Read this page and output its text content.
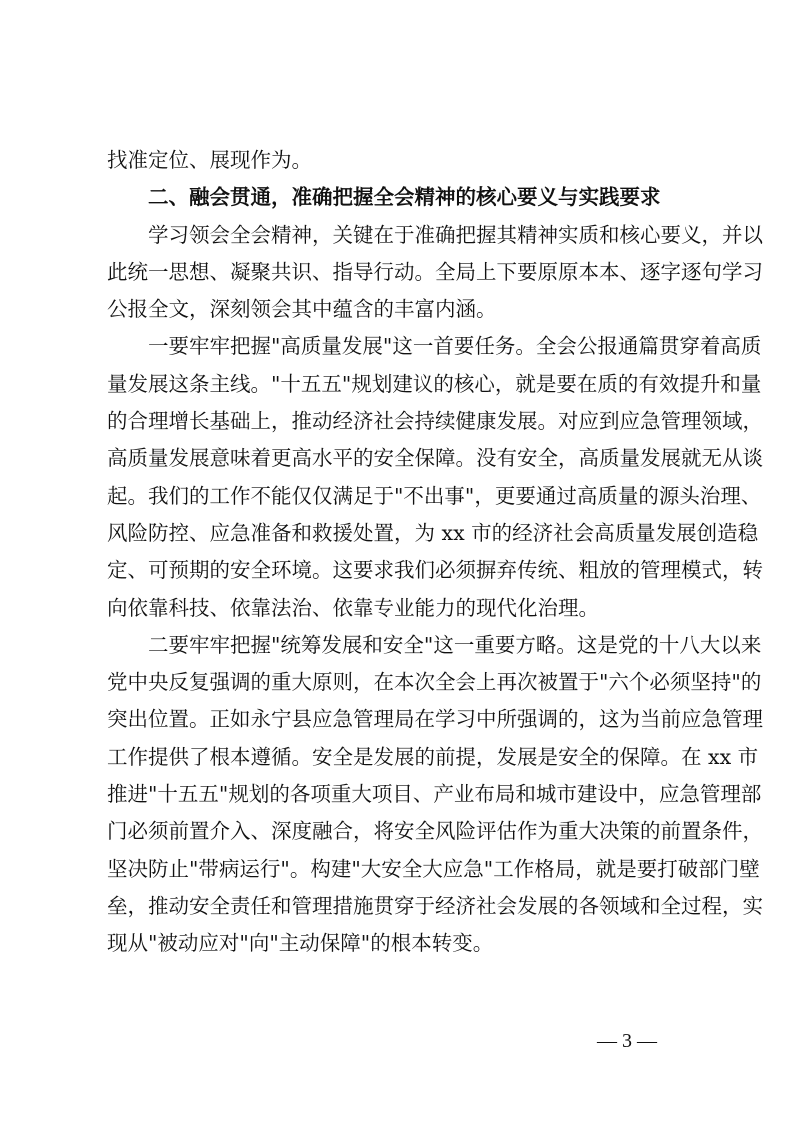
找准定位、展现作为。
二、融会贯通，准确把握全会精神的核心要义与实践要求
学习领会全会精神，关键在于准确把握其精神实质和核心要义，并以
此统一思想、凝聚共识、指导行动。全局上下要原原本本、逐字逐句学习
公报全文，深刻领会其中蕴含的丰富内涵。
一要牢牢把握"高质量发展"这一首要任务。全会公报通篇贯穿着高质
量发展这条主线。"十五五"规划建议的核心，就是要在质的有效提升和量
的合理增长基础上，推动经济社会持续健康发展。对应到应急管理领域，
高质量发展意味着更高水平的安全保障。没有安全，高质量发展就无从谈
起。我们的工作不能仅仅满足于"不出事"，更要通过高质量的源头治理、
风险防控、应急准备和救援处置，为 xx 市的经济社会高质量发展创造稳
定、可预期的安全环境。这要求我们必须摒弃传统、粗放的管理模式，转
向依靠科技、依靠法治、依靠专业能力的现代化治理。
二要牢牢把握"统筹发展和安全"这一重要方略。这是党的十八大以来
党中央反复强调的重大原则，在本次全会上再次被置于"六个必须坚持"的
突出位置。正如永宁县应急管理局在学习中所强调的，这为当前应急管理
工作提供了根本遵循。安全是发展的前提，发展是安全的保障。在 xx 市
推进"十五五"规划的各项重大项目、产业布局和城市建设中，应急管理部
门必须前置介入、深度融合，将安全风险评估作为重大决策的前置条件，
坚决防止"带病运行"。构建"大安全大应急"工作格局，就是要打破部门壁
垒，推动安全责任和管理措施贯穿于经济社会发展的各领域和全过程，实
现从"被动应对"向"主动保障"的根本转变。
— 3 —
